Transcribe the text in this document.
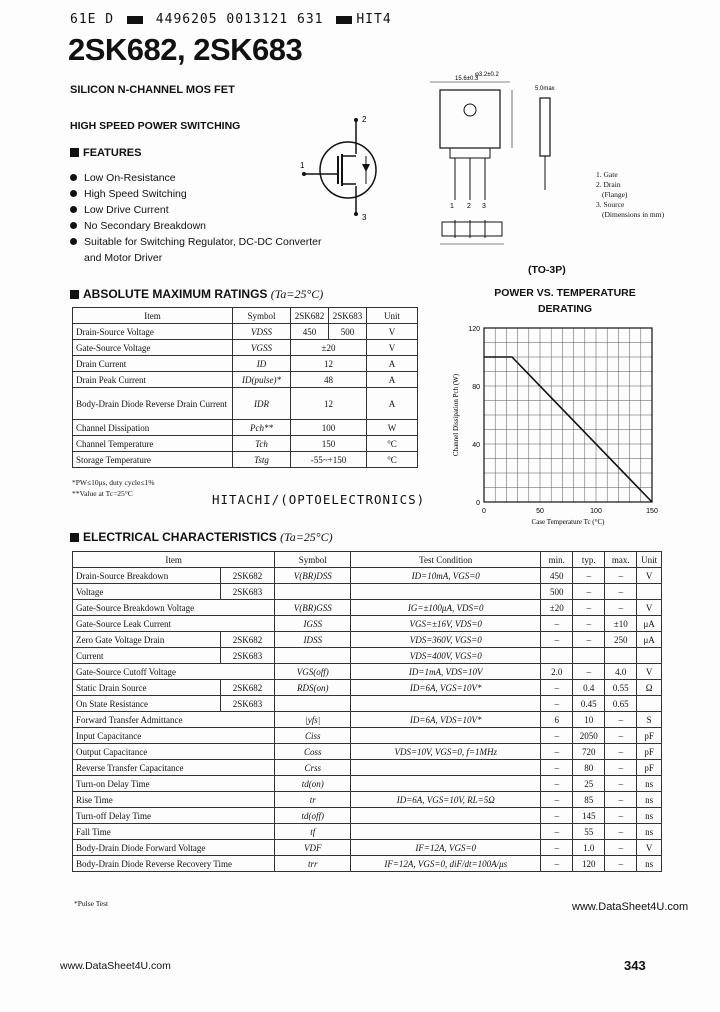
61E D	4496205 0013121 631	HIT4
2SK682, 2SK683
SILICON N-CHANNEL MOS FET
HIGH SPEED POWER SWITCHING
FEATURES
Low On-Resistance
High Speed Switching
Low Drive Current
No Secondary Breakdown
Suitable for Switching Regulator, DC-DC Converter
and Motor Driver
2
1
3
15.6±0.3
φ3.2±0.2
5.0max
1 2 3
1. Gate
2. Drain
(Flange)
3. Source
(Dimensions in mm)
(TO-3P)
ABSOLUTE MAXIMUM RATINGS (Ta=25°C)
Item	Symbol	2SK682	2SK683	Unit
Drain-Source Voltage	VDSS	450	500	V
Gate-Source Voltage	VGSS	±20		V
Drain Current	ID	12		A
Drain Peak Current	ID(pulse)*	48		A
Body-Drain Diode Reverse Drain Current	IDR	12		A
Channel Dissipation	Pch**	100		W
Channel Temperature	Tch	150		°C
Storage Temperature	Tstg	-55~+150		°C
*PW≤10μs, duty cycle≤1%
**Value at Tc=25°C	HITACHI/(OPTOELECTRONICS)
POWER VS. TEMPERATURE DERATING
0	50	100	150
0
40
80
120
Case Temperature Tc (°C)
Channel Dissipation Pch (W)
ELECTRICAL CHARACTERISTICS (Ta=25°C)
Item		Symbol	Test Condition	min.	typ.	max.	Unit
Drain-Source Breakdown	2SK682	V(BR)DSS	ID=10mA, VGS=0	450	–	–	V
Voltage	2SK683			500	–	–	
Gate-Source Breakdown Voltage		V(BR)GSS	IG=±100μA, VDS=0	±20	–	–	V
Gate-Source Leak Current		IGSS	VGS=±16V, VDS=0	–	–	±10	μA
Zero Gate Voltage Drain	2SK682	IDSS	VDS=360V, VGS=0	–	–	250	μA
Current	2SK683		VDS=400V, VGS=0				
Gate-Source Cutoff Voltage		VGS(off)	ID=1mA, VDS=10V	2.0	–	4.0	V
Static Drain Source	2SK682	RDS(on)	ID=6A, VGS=10V*	–	0.4	0.55	Ω
On State Resistance	2SK683			–	0.45	0.65	
Forward Transfer Admittance		|yfs|	ID=6A, VDS=10V*	6	10	–	S
Input Capacitance		Ciss		–	2050	–	pF
Output Capacitance		Coss	VDS=10V, VGS=0, f=1MHz	–	720	–	pF
Reverse Transfer Capacitance		Crss		–	80	–	pF
Turn-on Delay Time		td(on)		–	25	–	ns
Rise Time		tr	ID=6A, VGS=10V, RL=5Ω	–	85	–	ns
Turn-off Delay Time		td(off)		–	145	–	ns
Fall Time		tf		–	55	–	ns
Body-Drain Diode Forward Voltage		VDF	IF=12A, VGS=0	–	1.0	–	V
Body-Drain Diode Reverse Recovery Time		trr	IF=12A, VGS=0, diF/dt=100A/μs	–	120	–	ns
*Pulse Test	www.DataSheet4U.com
www.DataSheet4U.com	343
